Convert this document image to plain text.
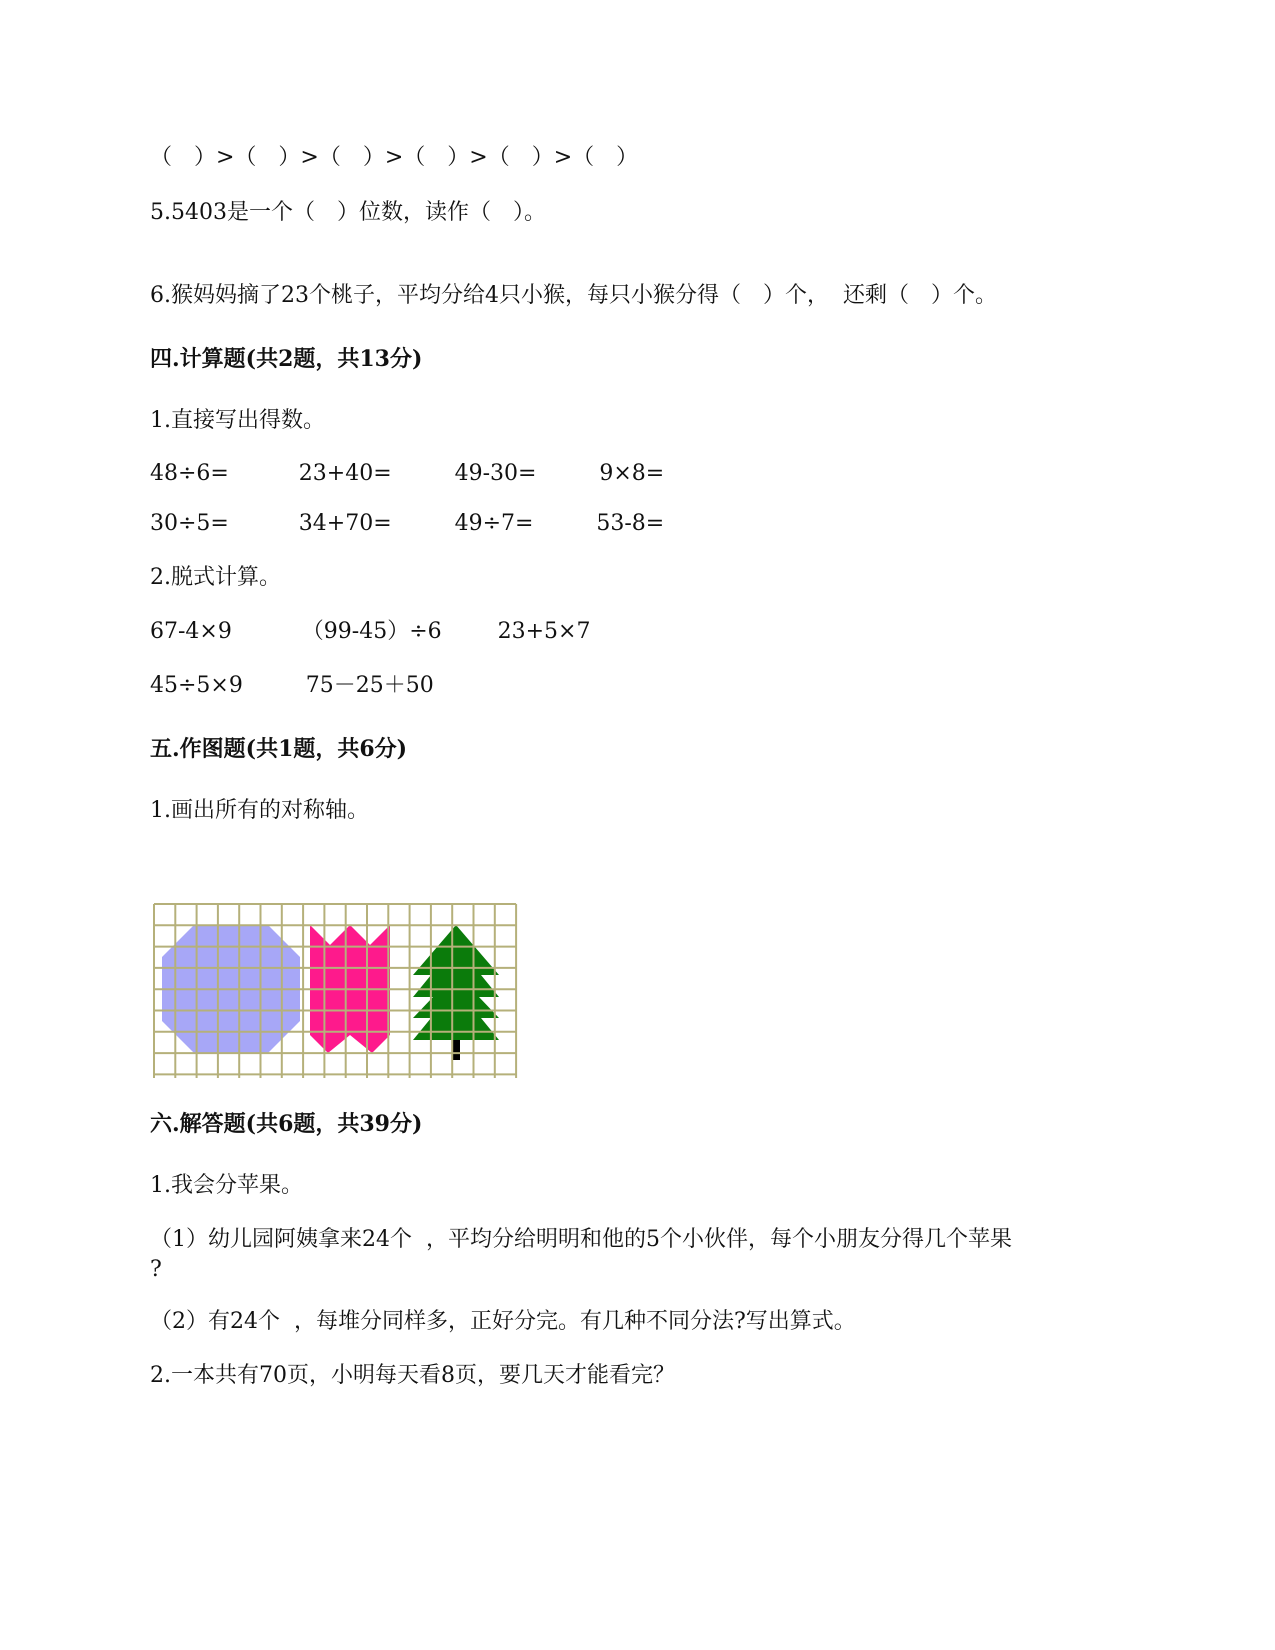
（　）>（　）>（　）>（　）>（　）>（　）
5.5403是一个（　）位数，读作（　）。
6.猴妈妈摘了23个桃子，平均分给4只小猴，每只小猴分得（　）个，  还剩（　）个。
四.计算题(共2题，共13分)
1.直接写出得数。
48÷6=          23+40=         49-30=         9×8=
30÷5=          34+70=         49÷7=         53-8=
2.脱式计算。
67-4×9          （99-45）÷6        23+5×7
45÷5×9         75－25＋50
五.作图题(共1题，共6分)
1.画出所有的对称轴。
六.解答题(共6题，共39分)
1.我会分苹果。
（1）幼儿园阿姨拿来24个  ，平均分给明明和他的5个小伙伴，每个小朋友分得几个苹果
?
（2）有24个  ，每堆分同样多，正好分完。有几种不同分法?写出算式。
2.一本共有70页，小明每天看8页，要几天才能看完？
